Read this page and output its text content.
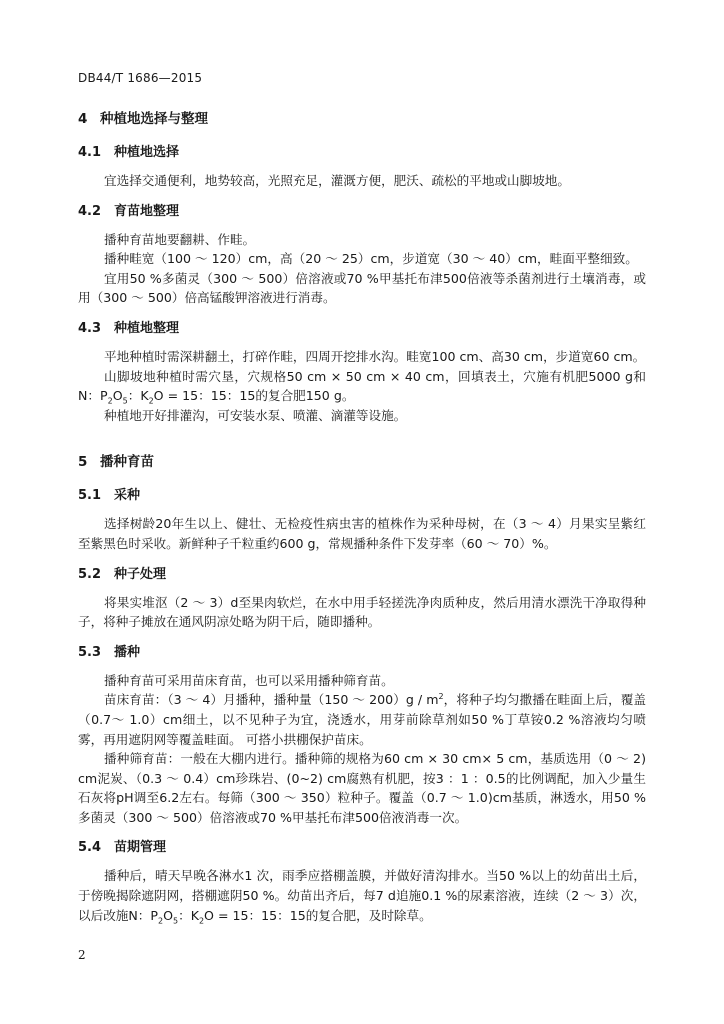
DB44/T 1686—2015
4 种植地选择与整理
4.1 种植地选择

宜选择交通便利，地势较高，光照充足，灌溉方便，肥沃、疏松的平地或山脚坡地。

4.2 育苗地整理

播种育苗地要翻耕、作畦。

播种畦宽（100 ～ 120）cm，高（20 ～ 25）cm，步道宽（30 ～ 40）cm，畦面平整细致。

宜用50 %多菌灵（300 ～ 500）倍溶液或70 %甲基托布津500倍液等杀菌剂进行土壤消毒，或用（300 ～ 500）倍高锰酸钾溶液进行消毒。

4.3 种植地整理

平地种植时需深耕翻土，打碎作畦，四周开挖排水沟。畦宽100 cm、高30 cm，步道宽60 cm。

山脚坡地种植时需穴垦，穴规格50 cm × 50 cm × 40 cm，回填表土，穴施有机肥5000 g和N：$P_2O_5$：$K_2O = 15$：15：15的复合肥150 g。

种植地开好排灌沟，可安装水泵、喷灌、滴灌等设施。

5 播种育苗
5.1 采种

选择树龄20年生以上、健壮、无检疫性病虫害的植株作为采种母树，在（3 ～ 4）月果实呈紫红至紫黑色时采收。新鲜种子千粒重约600 g，常规播种条件下发芽率（60 ～ 70）%。

5.2 种子处理

将果实堆沤（2 ～ 3）d至果肉软烂，在水中用手轻搓洗净肉质种皮，然后用清水漂洗干净取得种子，将种子摊放在通风阴凉处略为阴干后，随即播种。

5.3 播种

播种育苗可采用苗床育苗，也可以采用播种筛育苗。

苗床育苗：（3 ～ 4）月播种，播种量（150 ～ $200)g / m^2$，将种子均匀撒播在畦面上后，覆盖（0.7～ 1.0）cm细土，以不见种子为宜，浇透水，用芽前除草剂如50 %丁草铵0.2 %溶液均匀喷雾，再用遮阴网等覆盖畦面。 可搭小拱棚保护苗床。

播种筛育苗：一般在大棚内进行。播种筛的规格为60 cm × 30 cm× 5 cm，基质选用（0 ～ 2) cm泥炭、（0.3 ～ 0.4）cm珍珠岩、(0~2) cm腐熟有机肥，按3 ：1 ：0.5的比例调配，加入少量生石灰将pH调至6.2左右。每筛（300 ～ 350）粒种子。覆盖（0.7 ～ 1.0)cm基质，淋透水，用50 %多菌灵（300 ～ 500）倍溶液或70 %甲基托布津500倍液消毒一次。

5.4 苗期管理

播种后，晴天早晚各淋水1 次，雨季应搭棚盖膜，并做好清沟排水。当50 %以上的幼苗出土后，于傍晚揭除遮阴网，搭棚遮阴50 %。幼苗出齐后，每7 d追施0.1 %的尿素溶液，连续（2 ～ 3）次，以后改施N：$P_2O_5$：$K_2O = 15$：15：15的复合肥，及时除草。

2
